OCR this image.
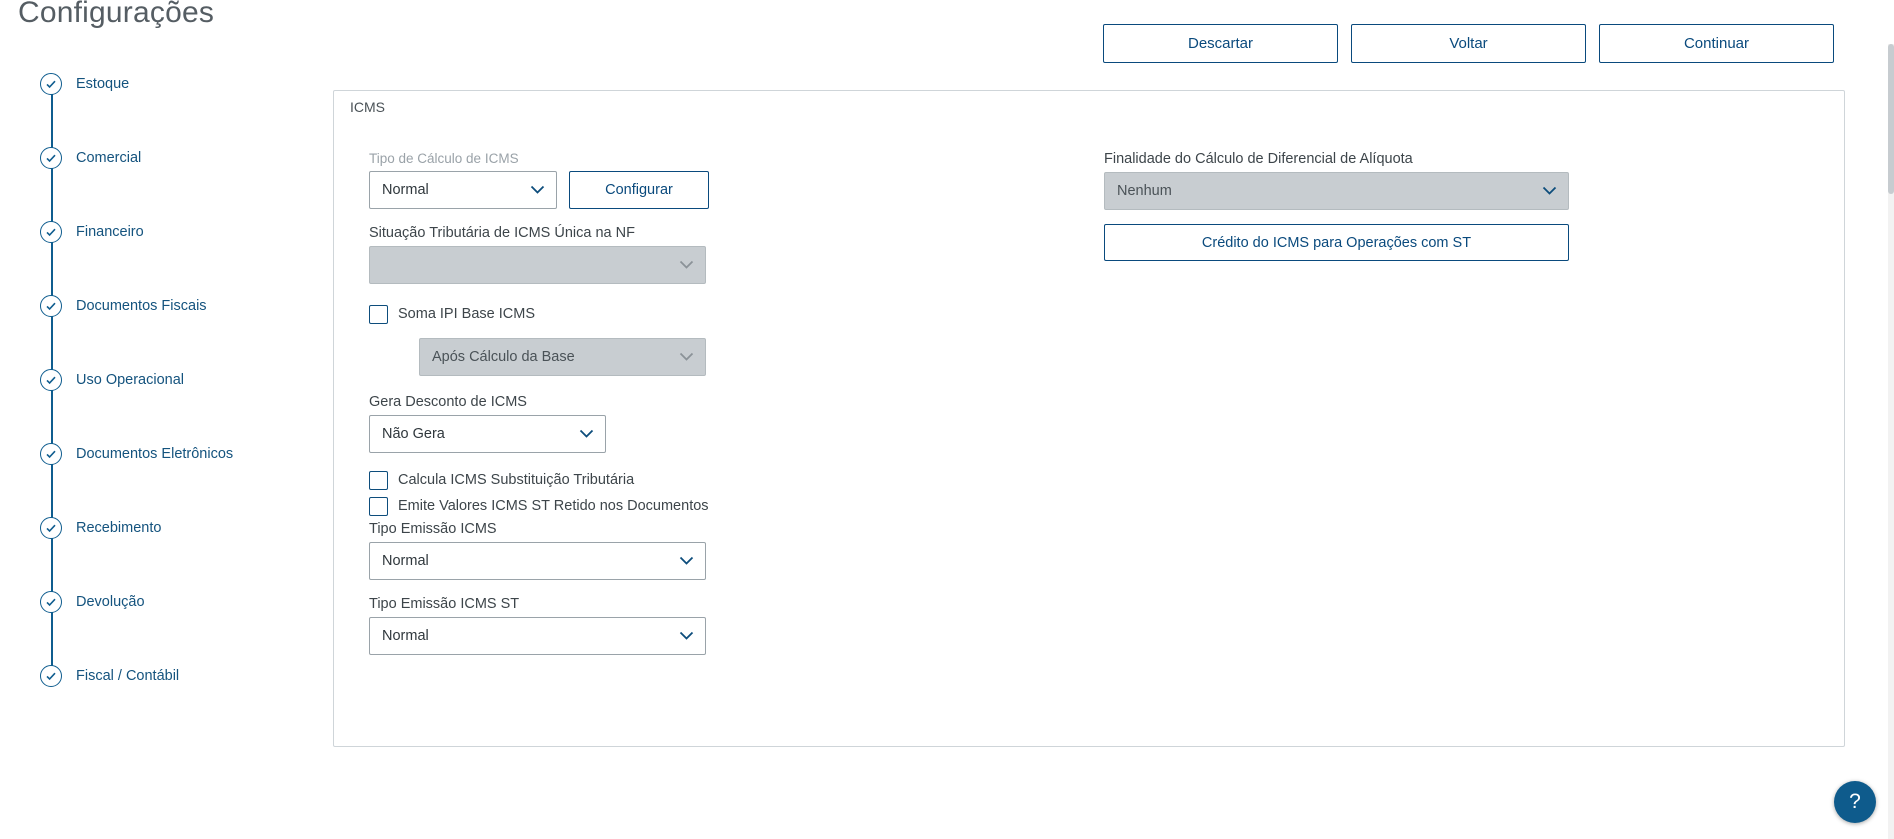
Configurações
Descartar	Voltar	Continuar
Estoque
Comercial
Financeiro
Documentos Fiscais
Uso Operacional
Documentos Eletrônicos
Recebimento
Devolução
Fiscal / Contábil
ICMS
Tipo de Cálculo de ICMS
Normal	Configurar
Situação Tributária de ICMS Única na NF
Soma IPI Base ICMS
Após Cálculo da Base
Gera Desconto de ICMS
Não Gera
Calcula ICMS Substituição Tributária
Emite Valores ICMS ST Retido nos Documentos
Tipo Emissão ICMS
Normal
Tipo Emissão ICMS ST
Normal
Finalidade do Cálculo de Diferencial de Alíquota
Nenhum
Crédito do ICMS para Operações com ST
?
